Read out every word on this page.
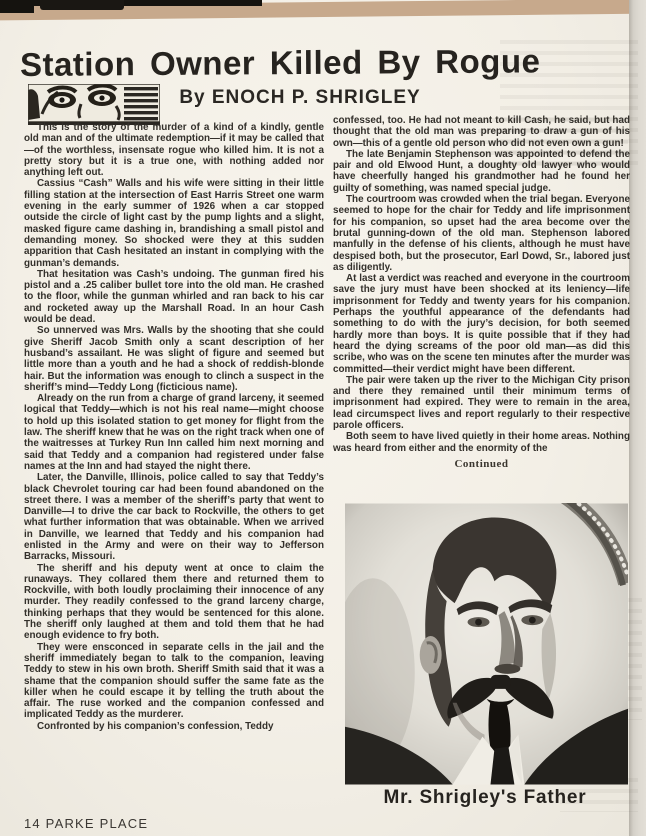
Station Owner Killed By Rogue
By ENOCH P. SHRIGLEY

This is the story of the murder of a kind of a kindly, gentle old man and of the ultimate redemption—if it may be called that—of the worthless, insensate rogue who killed him. It is not a pretty story but it is a true one, with nothing added nor anything left out.

Cassius “Cash” Walls and his wife were sitting in their little filling station at the intersection of East Harris Street one warm evening in the early summer of 1926 when a car stopped outside the circle of light cast by the pump lights and a slight, masked figure came dashing in, brandishing a small pistol and demanding money. So shocked were they at this sudden apparition that Cash hesitated an instant in complying with the gunman’s demands.

That hesitation was Cash’s undoing. The gunman fired his pistol and a .25 caliber bullet tore into the old man. He crashed to the floor, while the gunman whirled and ran back to his car and rocketed away up the Marshall Road. In an hour Cash would be dead.

So unnerved was Mrs. Walls by the shooting that she could give Sheriff Jacob Smith only a scant description of her husband’s assailant. He was slight of figure and seemed but little more than a youth and he had a shock of reddish-blonde hair. But the information was enough to clinch a suspect in the sheriff’s mind—Teddy Long (ficticious name).

Already on the run from a charge of grand larceny, it seemed logical that Teddy—which is not his real name—might choose to hold up this isolated station to get money for flight from the law. The sheriff knew that he was on the right track when one of the waitresses at Turkey Run Inn called him next morning and said that Teddy and a companion had registered under false names at the Inn and had stayed the night there.

Later, the Danville, Illinois, police called to say that Teddy’s black Chevrolet touring car had been found abandoned on the street there. I was a member of the sheriff’s party that went to Danville—I to drive the car back to Rockville, the others to get what further information that was obtainable. When we arrived in Danville, we learned that Teddy and his companion had enlisted in the Army and were on their way to Jefferson Barracks, Missouri.

The sheriff and his deputy went at once to claim the runaways. They collared them there and returned them to Rockville, with both loudly proclaiming their innocence of any murder. They readily confessed to the grand larceny charge, thinking perhaps that they would be sentenced for this alone. The sheriff only laughed at them and told them that he had enough evidence to fry both.

They were ensconced in separate cells in the jail and the sheriff immediately began to talk to the companion, leaving Teddy to stew in his own broth. Sheriff Smith said that it was a shame that the companion should suffer the same fate as the killer when he could escape it by telling the truth about the affair. The ruse worked and the companion confessed and implicated Teddy as the murderer.

Confronted by his companion’s confession, Teddy

confessed, too. He had not meant to kill Cash, he said, but had thought that the old man was preparing to draw a gun of his own—this of a gentle old person who did not even own a gun!

The late Benjamin Stephenson was appointed to defend the pair and old Elwood Hunt, a doughty old lawyer who would have cheerfully hanged his grandmother had he found her guilty of something, was named special judge.

The courtroom was crowded when the trial began. Everyone seemed to hope for the chair for Teddy and life imprisonment for his companion, so upset had the area become over the brutal gunning-down of the old man. Stephenson labored manfully in the defense of his clients, although he must have despised both, but the prosecutor, Earl Dowd, Sr., labored just as diligently.

At last a verdict was reached and everyone in the courtroom save the jury must have been shocked at its leniency—life imprisonment for Teddy and twenty years for his companion. Perhaps the youthful appearance of the defendants had something to do with the jury’s decision, for both seemed hardly more than boys. It is quite possible that if they had heard the dying screams of the poor old man—as did this scribe, who was on the scene ten minutes after the murder was committed—their verdict might have been different.

The pair were taken up the river to the Michigan City prison and there they remained until their minimum terms of imprisonment had expired. They were to remain in the area, lead circumspect lives and report regularly to their respective parole officers.

Both seem to have lived quietly in their home areas. Nothing was heard from either and the enormity of the

Continued

Mr. Shrigley's Father
14 PARKE PLACE
